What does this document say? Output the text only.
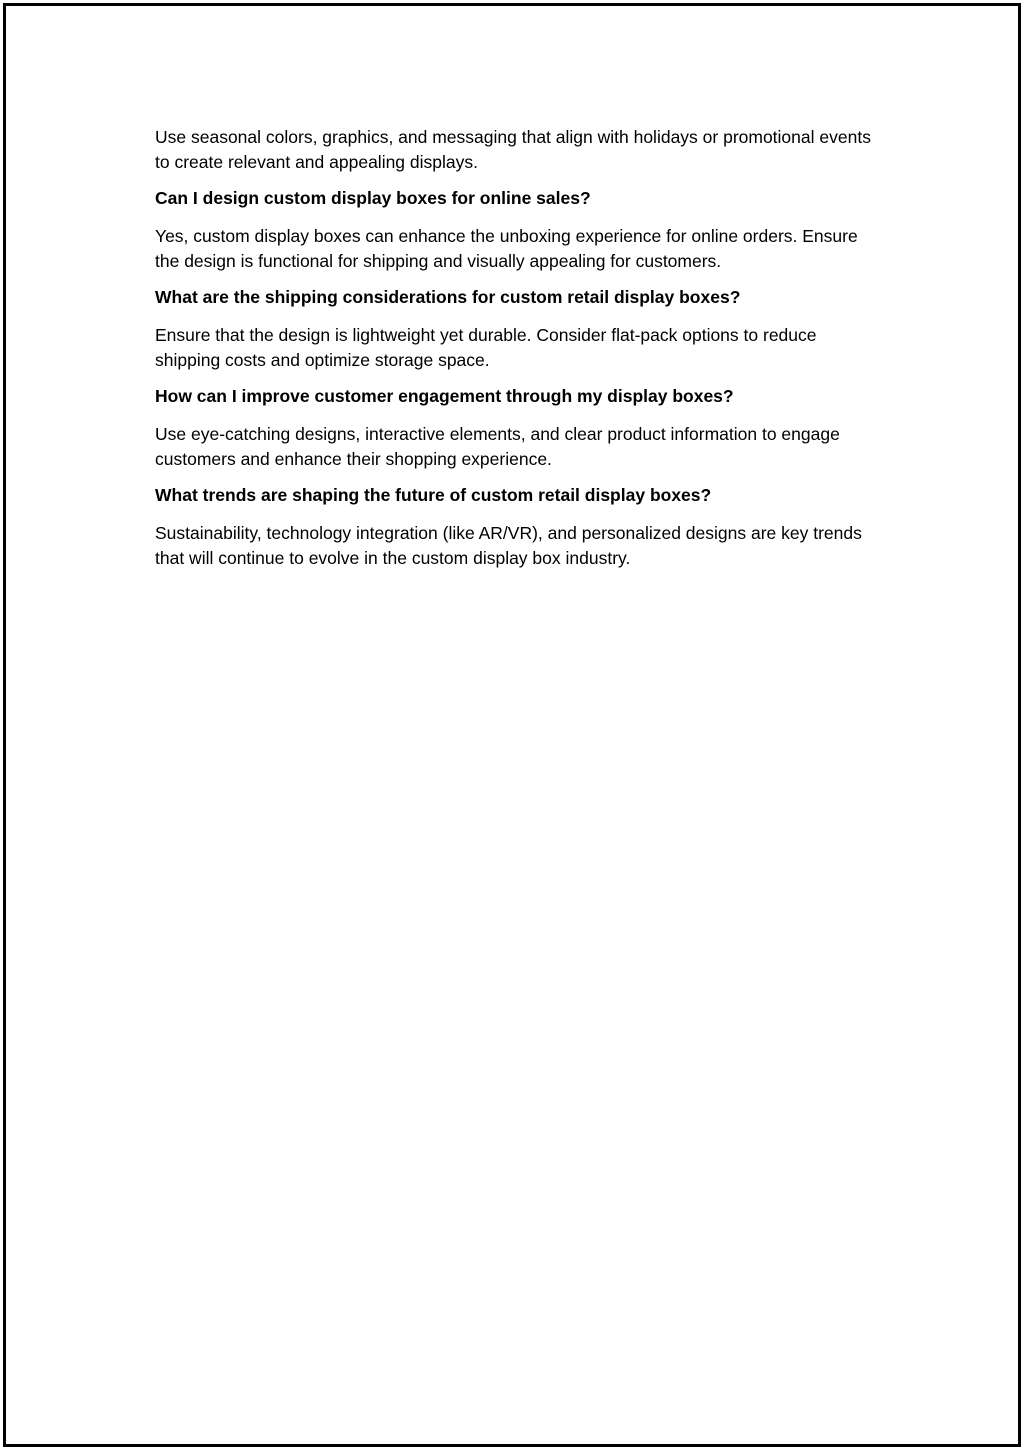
Use seasonal colors, graphics, and messaging that align with holidays or promotional events to create relevant and appealing displays.

Can I design custom display boxes for online sales?

Yes, custom display boxes can enhance the unboxing experience for online orders. Ensure the design is functional for shipping and visually appealing for customers.

What are the shipping considerations for custom retail display boxes?

Ensure that the design is lightweight yet durable. Consider flat-pack options to reduce shipping costs and optimize storage space.

How can I improve customer engagement through my display boxes?

Use eye-catching designs, interactive elements, and clear product information to engage customers and enhance their shopping experience.

What trends are shaping the future of custom retail display boxes?

Sustainability, technology integration (like AR/VR), and personalized designs are key trends that will continue to evolve in the custom display box industry.
